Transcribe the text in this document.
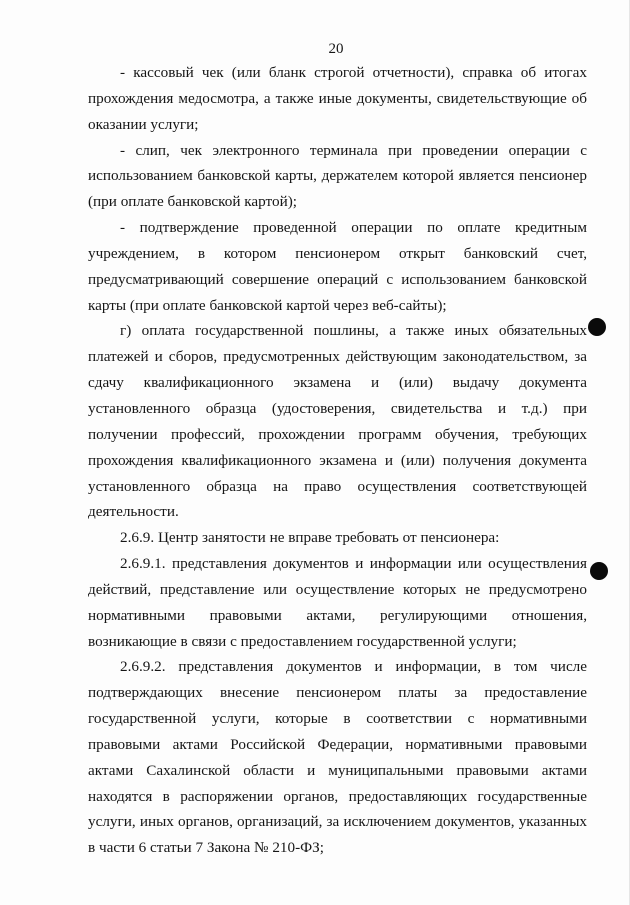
20

- кассовый чек (или бланк строгой отчетности), справка об итогах прохождения медосмотра, а также иные документы, свидетельствующие об оказании услуги;

- слип, чек электронного терминала при проведении операции с использованием банковской карты, держателем которой является пенсионер (при оплате банковской картой);

- подтверждение проведенной операции по оплате кредитным учреждением, в котором пенсионером открыт банковский счет, предусматривающий совершение операций с использованием банковской карты (при оплате банковской картой через веб-сайты);

г) оплата государственной пошлины, а также иных обязательных платежей и сборов, предусмотренных действующим законодательством, за сдачу квалификационного экзамена и (или) выдачу документа установленного образца (удостоверения, свидетельства и т.д.) при получении профессий, прохождении программ обучения, требующих прохождения квалификационного экзамена и (или) получения документа установленного образца на право осуществления соответствующей деятельности.

2.6.9. Центр занятости не вправе требовать от пенсионера:

2.6.9.1. представления документов и информации или осуществления действий, представление или осуществление которых не предусмотрено нормативными правовыми актами, регулирующими отношения, возникающие в связи с предоставлением государственной услуги;

2.6.9.2. представления документов и информации, в том числе подтверждающих внесение пенсионером платы за предоставление государственной услуги, которые в соответствии с нормативными правовыми актами Российской Федерации, нормативными правовыми актами Сахалинской области и муниципальными правовыми актами находятся в распоряжении органов, предоставляющих государственные услуги, иных органов, организаций, за исключением документов, указанных в части 6 статьи 7 Закона № 210-ФЗ;
